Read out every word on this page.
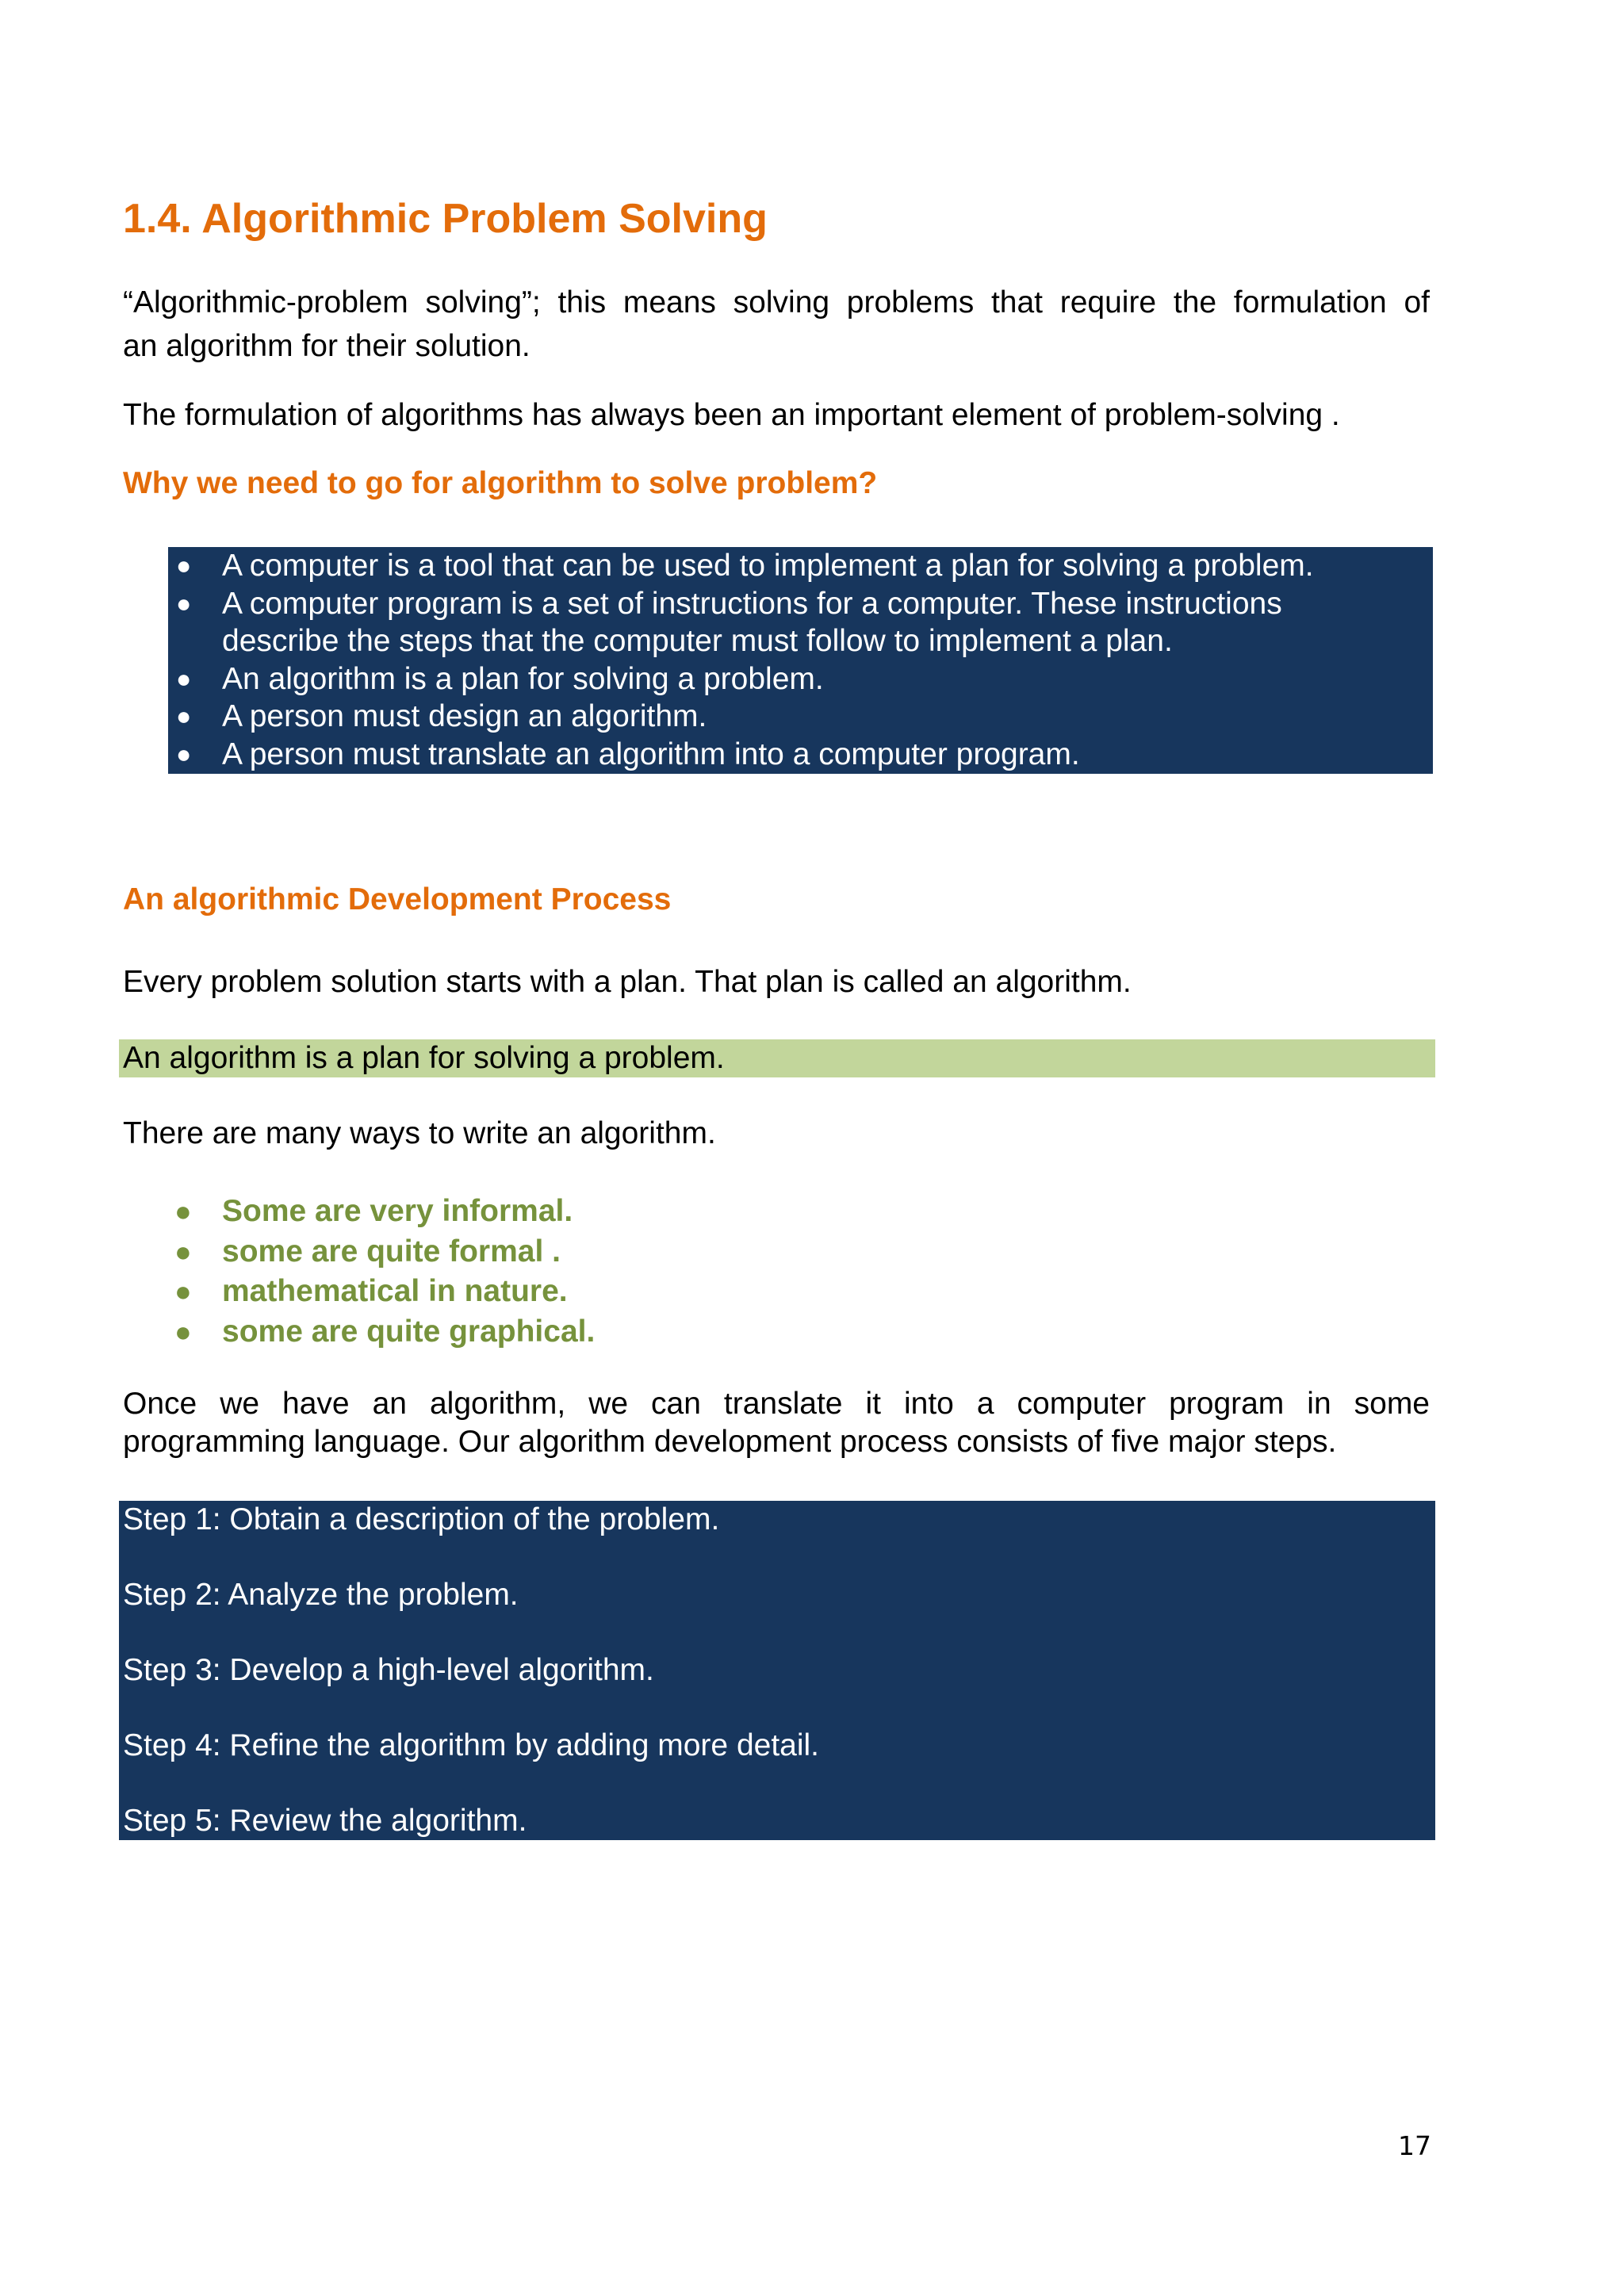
1.4. Algorithmic Problem Solving

“Algorithmic-problem solving”; this means solving problems that require the formulation of

an algorithm for their solution.

The formulation of algorithms has always been an important element of problem-solving .

Why we need to go for algorithm to solve problem?
● A computer is a tool that can be used to implement a plan for solving a problem.
● A computer program is a set of instructions for a computer. These instructions
describe the steps that the computer must follow to implement a plan.
● An algorithm is a plan for solving a problem.
● A person must design an algorithm.
● A person must translate an algorithm into a computer program.
An algorithmic Development Process

Every problem solution starts with a plan. That plan is called an algorithm.

An algorithm is a plan for solving a problem.

There are many ways to write an algorithm.

● Some are very informal.
● some are quite formal .
● mathematical in nature.
● some are quite graphical.

Once we have an algorithm, we can translate it into a computer program in some

programming language. Our algorithm development process consists of five major steps.

Step 1: Obtain a description of the problem.
Step 2: Analyze the problem.
Step 3: Develop a high-level algorithm.
Step 4: Refine the algorithm by adding more detail.
Step 5: Review the algorithm.
17
